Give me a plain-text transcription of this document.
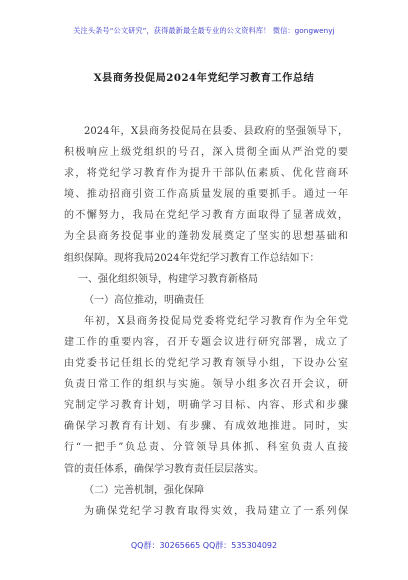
关注头条号“公文研究”，获得最新最全最专业的公文资料库！ 微信：gongwenyj
X县商务投促局2024年党纪学习教育工作总结
2024年，X县商务投促局在县委、县政府的坚强领导下，
积极响应上级党组织的号召，深入贯彻全面从严治党的要
求，将党纪学习教育作为提升干部队伍素质、优化营商环
境、推动招商引资工作高质量发展的重要抓手。通过一年
的不懈努力，我局在党纪学习教育方面取得了显著成效，
为全县商务投促事业的蓬勃发展奠定了坚实的思想基础和
组织保障。现将我局2024年党纪学习教育工作总结如下：
一、强化组织领导，构建学习教育新格局
（一）高位推动，明确责任
年初，X县商务投促局党委将党纪学习教育作为全年党
建工作的重要内容，召开专题会议进行研究部署，成立了
由党委书记任组长的党纪学习教育领导小组，下设办公室
负责日常工作的组织与实施。领导小组多次召开会议，研
究制定学习教育计划，明确学习目标、内容、形式和步骤
确保学习教育有计划、有步骤、有成效地推进。同时，实
行“一把手”负总责、分管领导具体抓、科室负责人直接
管的责任体系，确保学习教育责任层层落实。
（二）完善机制，强化保障
为确保党纪学习教育取得实效，我局建立了一系列保
QQ群：30265665 QQ群：535304092
